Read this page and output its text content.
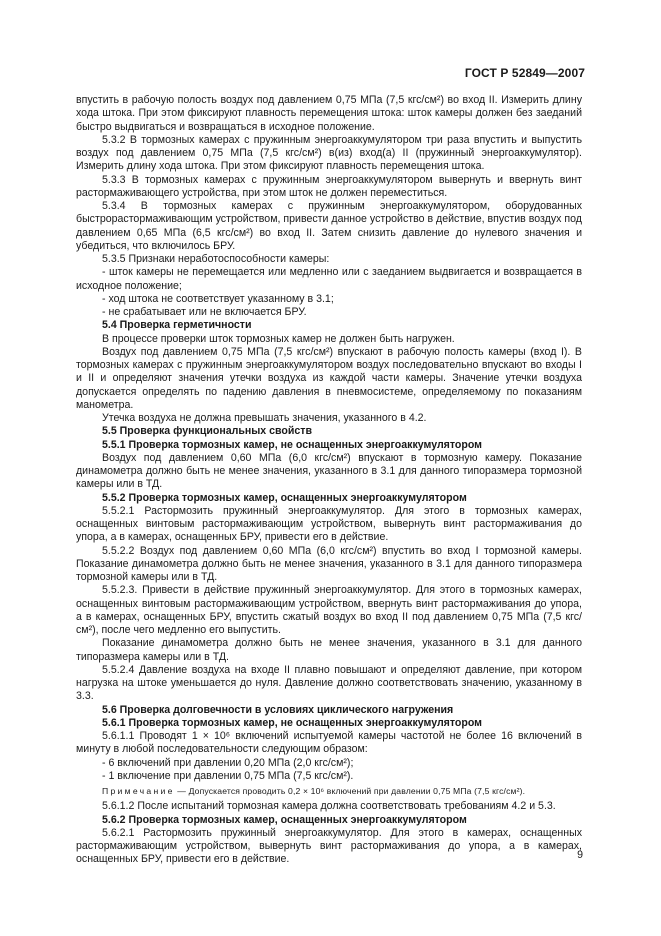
ГОСТ Р 52849—2007

впустить в рабочую полость воздух под давлением 0,75 МПа (7,5 кгс/см²) во вход II. Измерить длину хода штока. При этом фиксируют плавность перемещения штока: шток камеры должен без заеданий быстро выдвигаться и возвращаться в исходное положение.

5.3.2 В тормозных камерах с пружинным энергоаккумулятором три раза впустить и выпустить воздух под давлением 0,75 МПа (7,5 кгс/см²) в(из) вход(а) II (пружинный энергоаккумулятор). Измерить длину хода штока. При этом фиксируют плавность перемещения штока.

5.3.3 В тормозных камерах с пружинным энергоаккумулятором вывернуть и ввернуть винт растормаживающего устройства, при этом шток не должен переместиться.

5.3.4 В тормозных камерах с пружинным энергоаккумулятором, оборудованных быстрорастормаживающим устройством, привести данное устройство в действие, впустив воздух под давлением 0,65 МПа (6,5 кгс/см²) во вход II. Затем снизить давление до нулевого значения и убедиться, что включилось БРУ.

5.3.5 Признаки неработоспособности камеры:

- шток камеры не перемещается или медленно или с заеданием выдвигается и возвращается в исходное положение;

- ход штока не соответствует указанному в 3.1;

- не срабатывает или не включается БРУ.

5.4 Проверка герметичности

В процессе проверки шток тормозных камер не должен быть нагружен.

Воздух под давлением 0,75 МПа (7,5 кгс/см²) впускают в рабочую полость камеры (вход I). В тормозных камерах с пружинным энергоаккумулятором воздух последовательно впускают во входы I и II и определяют значения утечки воздуха из каждой части камеры. Значение утечки воздуха допускается определять по падению давления в пневмосистеме, определяемому по показаниям манометра.

Утечка воздуха не должна превышать значения, указанного в 4.2.

5.5 Проверка функциональных свойств

5.5.1 Проверка тормозных камер, не оснащенных энергоаккумулятором

Воздух под давлением 0,60 МПа (6,0 кгс/см²) впускают в тормозную камеру. Показание динамометра должно быть не менее значения, указанного в 3.1 для данного типоразмера тормозной камеры или в ТД.

5.5.2 Проверка тормозных камер, оснащенных энергоаккумулятором

5.5.2.1 Растормозить пружинный энергоаккумулятор. Для этого в тормозных камерах, оснащенных винтовым растормаживающим устройством, вывернуть винт растормаживания до упора, а в камерах, оснащенных БРУ, привести его в действие.

5.5.2.2 Воздух под давлением 0,60 МПа (6,0 кгс/см²) впустить во вход I тормозной камеры. Показание динамометра должно быть не менее значения, указанного в 3.1 для данного типоразмера тормозной камеры или в ТД.

5.5.2.3. Привести в действие пружинный энергоаккумулятор. Для этого в тормозных камерах, оснащенных винтовым растормаживающим устройством, ввернуть винт растормаживания до упора, а в камерах, оснащенных БРУ, впустить сжатый воздух во вход II под давлением 0,75 МПа (7,5 кгс/см²), после чего медленно его выпустить.

Показание динамометра должно быть не менее значения, указанного в 3.1 для данного типоразмера камеры или в ТД.

5.5.2.4 Давление воздуха на входе II плавно повышают и определяют давление, при котором нагрузка на штоке уменьшается до нуля. Давление должно соответствовать значению, указанному в 3.3.

5.6 Проверка долговечности в условиях циклического нагружения

5.6.1 Проверка тормозных камер, не оснащенных энергоаккумулятором

5.6.1.1 Проводят 1 × 10⁶ включений испытуемой камеры частотой не более 16 включений в минуту в любой последовательности следующим образом:

- 6 включений при давлении 0,20 МПа (2,0 кгс/см²);

- 1 включение при давлении 0,75 МПа (7,5 кгс/см²).

Примечание — Допускается проводить 0,2 × 10⁶ включений при давлении 0,75 МПа (7,5 кгс/см²).

5.6.1.2 После испытаний тормозная камера должна соответствовать требованиям 4.2 и 5.3.

5.6.2 Проверка тормозных камер, оснащенных энергоаккумулятором

5.6.2.1 Растормозить пружинный энергоаккумулятор. Для этого в камерах, оснащенных растормаживающим устройством, вывернуть винт растормаживания до упора, а в камерах, оснащенных БРУ, привести его в действие.	9
